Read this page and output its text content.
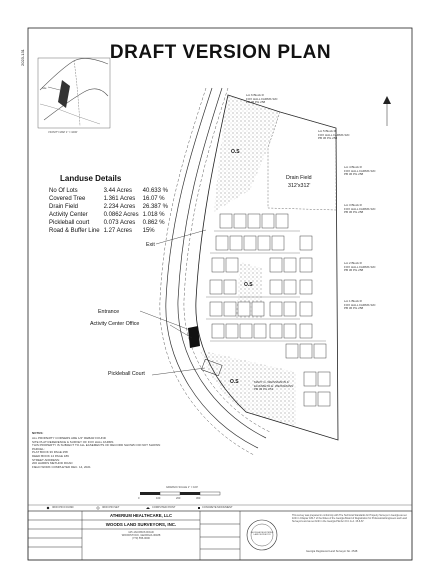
DRAFT VERSION PLAN
2023-131
Site
VICINITY MAP 1" = 1000'
Landuse Details
No Of Lots	3.44 Acres	40.633 %
Covered Tree	1.361 Acres	16.07 %
Drain Field	2.234 Acres	26.387 %
Activity Center	0.0862 Acres	1.018 %
Pickleball court	0.073 Acres	0.862 %
Road & Buffer Line	1.27 Acres	15%
Exit
Entrance
Activity Center Office
Pickleball Court
Drain Field
312'x312'
O.S
O.S
O.S
Lot 6 Block R
FOX HALL FARMS S/D
PB 36 PG 258
Lot 5 Block R
FOX HALL FARMS S/D
PB 36 PG 258
Lot 4 Block R
FOX HALL FARMS S/D
PB 36 PG 258
Lot 3 Block R
FOX HALL FARMS S/D
PB 36 PG 258
Lot 2 Block R
FOX HALL FARMS S/D
PB 36 PG 258
Lot 1 Block R
FOX HALL FARMS S/D
PB 36 PG 258
MARY G. WEISSMANN &
ELIZABETH E. WEISSMANN
PB 36 PG 251
NOTES:
ALL PROPERTY CORNERS ARE 1/2" REBAR FOUND
SITE PLAT REFERENCE & SURVEY OF FOX HALL FARMS
THIS PROPERTY IS SUBJECT TO ALL EASEMENTS OF RECORD SHOWN OR NOT SHOWN
PARCEL:
PLAT BOOK 36 PAGE 258
DEED BOOK 14 PAGE 189
STREET ADDRESS:
200 HARRIS METHOD ROAD
FIELD WORK COMPLETED DEC. 14, 2021
GRAPHIC SCALE 1" = 100'
0	100	200	300
IRON PIN FOUND	IRON PIN SET	COMPUTED POINT	CONCRETE MONUMENT
ATHERIUM HEALTHCARE, LLC
WOODS LAND SURVEYORS, INC.
125 JACOBUS ROAD
WOODSTOCK, GEORGIA 30188
(770) 555-0000
GEORGIA REGISTERED LAND SURVEYOR
This survey was prepared in conformity with The Technical Standards for Property Surveys in Georgia as set forth in Chapter 180-7 of the Rules of the Georgia Board of Registration for Professional Engineers and Land Surveyors and as set forth in the Georgia Plat Act O.C.G.A. 15-6-67.
Georgia Registered Land Surveyor No. 2548
